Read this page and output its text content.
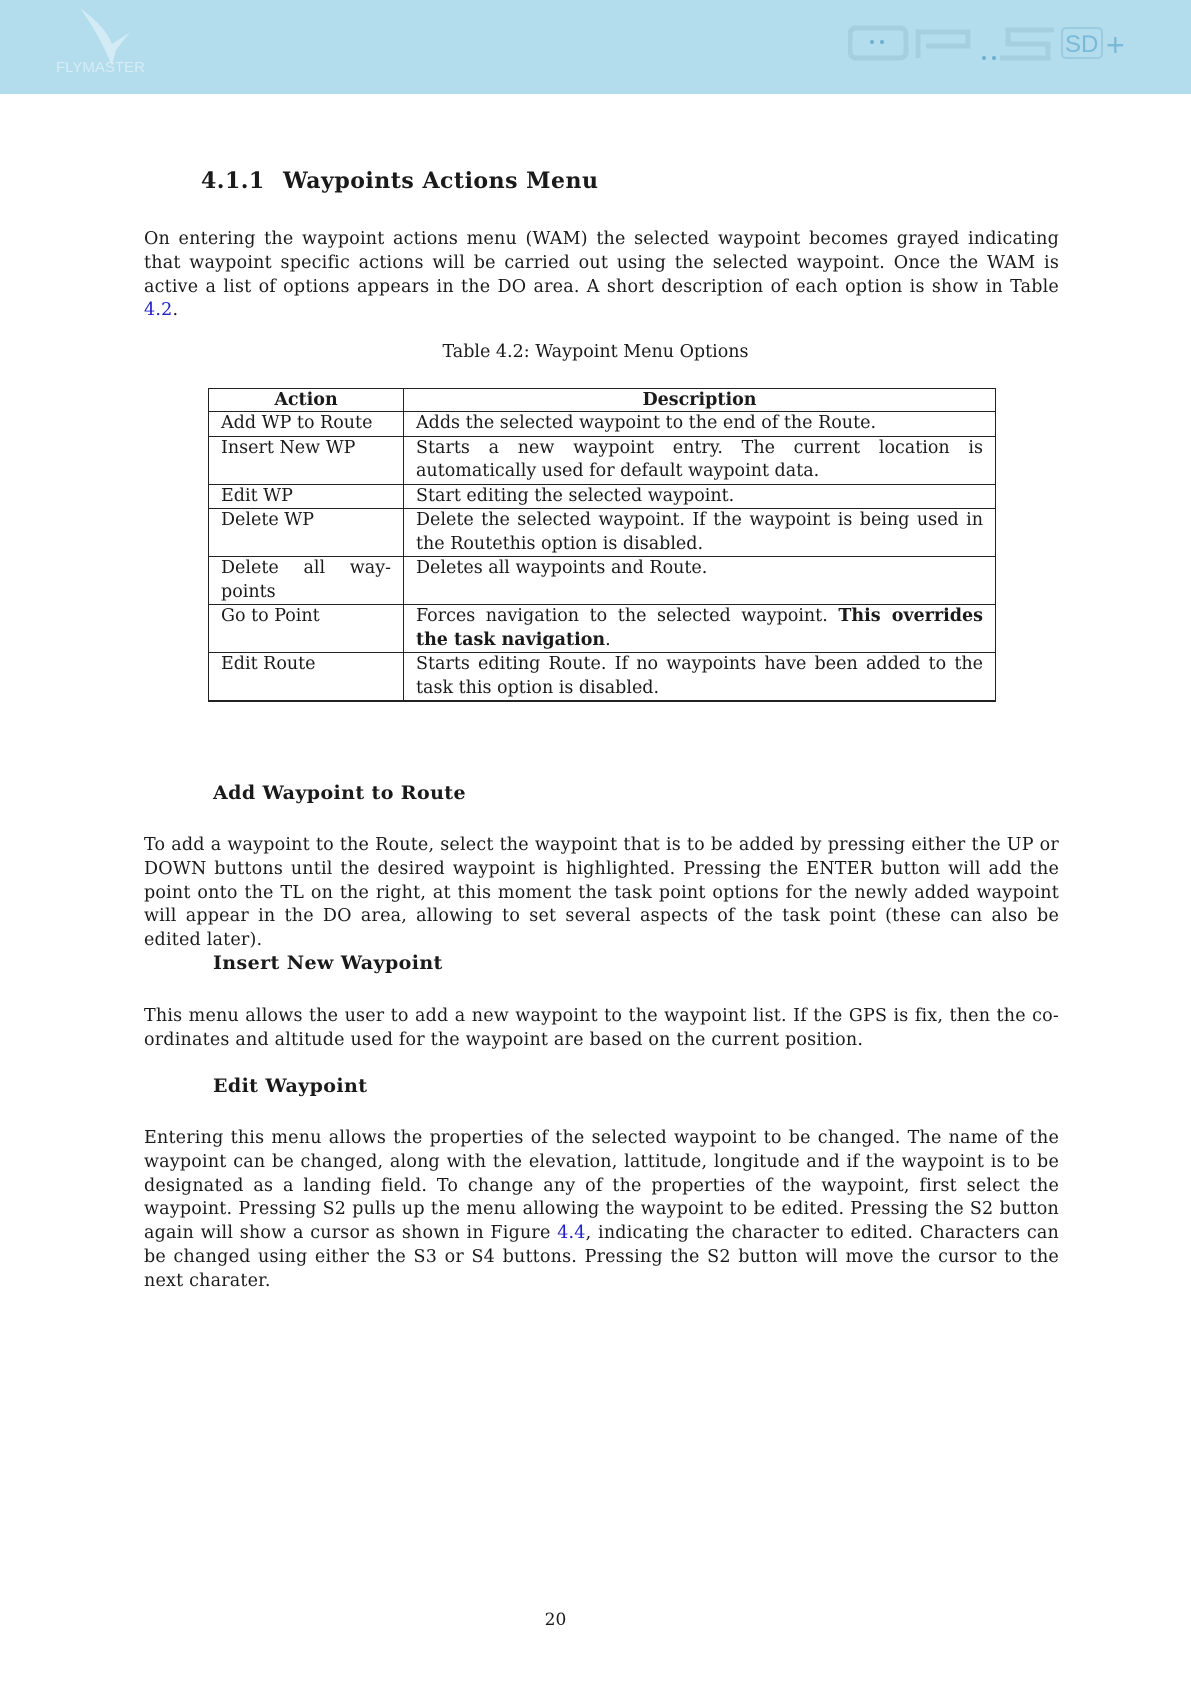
FLYMASTER
SD +
4.1.1 Waypoints Actions Menu
On entering the waypoint actions menu (WAM) the selected waypoint becomes grayed indicating that waypoint specific actions will be carried out using the selected waypoint. Once the WAM is active a list of options appears in the DO area. A short description of each option is show in Table 4.2.
Table 4.2: Waypoint Menu Options
Action	Description
Add WP to Route	Adds the selected waypoint to the end of the Route.
Insert New WP	Starts a new waypoint entry. The current location is automatically used for default waypoint data.
Edit WP	Start editing the selected waypoint.
Delete WP	Delete the selected waypoint. If the waypoint is being used in the Routethis option is disabled.
Delete all way-points	Deletes all waypoints and Route.
Go to Point	Forces navigation to the selected waypoint. This overrides the task navigation.
Edit Route	Starts editing Route. If no waypoints have been added to the task this option is disabled.
Add Waypoint to Route
To add a waypoint to the Route, select the waypoint that is to be added by pressing either the UP or DOWN buttons until the desired waypoint is highlighted. Pressing the ENTER button will add the point onto the TL on the right, at this moment the task point options for the newly added waypoint will appear in the DO area, allowing to set several aspects of the task point (these can also be edited later).
Insert New Waypoint
This menu allows the user to add a new waypoint to the waypoint list. If the GPS is fix, then the co-ordinates and altitude used for the waypoint are based on the current position.
Edit Waypoint
Entering this menu allows the properties of the selected waypoint to be changed. The name of the waypoint can be changed, along with the elevation, lattitude, longitude and if the waypoint is to be designated as a landing field. To change any of the properties of the waypoint, first select the waypoint. Pressing S2 pulls up the menu allowing the waypoint to be edited. Pressing the S2 button again will show a cursor as shown in Figure 4.4, indicating the character to edited. Characters can be changed using either the S3 or S4 buttons. Pressing the S2 button will move the cursor to the next charater.
20
